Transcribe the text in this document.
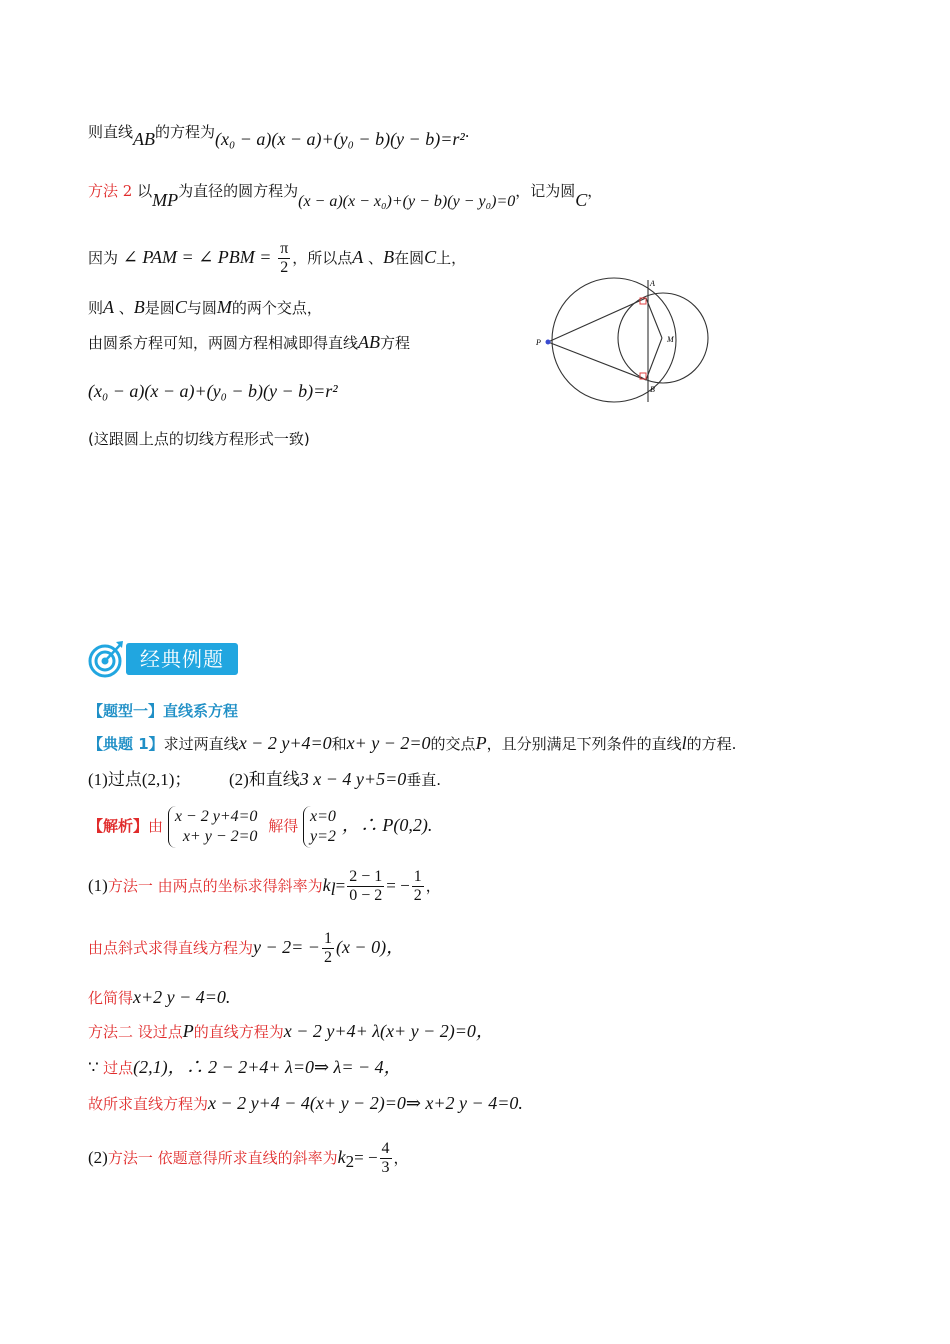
则直线AB的方程为(x₀ − a)(x − a)+(y₀ − b)(y − b)=r².
方法 2 以MP为直径的圆方程为(x − a)(x − x₀)+(y − b)(y − y₀)=0，记为圆C，
因为 ∠ PAM = ∠ PBM = $\frac{\pi}{2}$ ，所以点A 、B在圆C上，
则A 、B是圆C与圆M的两个交点，
由圆系方程可知，两圆方程相减即得直线AB方程
(x₀ − a)(x − a)+(y₀ − b)(y − b)=r²
(这跟圆上点的切线方程形式一致)
A
B
P	M
经典例题
【题型一】直线系方程
【典题 1】求过两直线x − 2 y+4=0和x+ y − 2=0的交点P，且分别满足下列条件的直线l的方程.
(1)过点(2,1)； (2)和直线3 x − 4 y+5=0垂直.
【解析】由
x − 2 y+4=0
x+ y − 2=0
解得
x=0
y=2
，∴ P(0,2).
(1)方法一 由两点的坐标求得斜率为$k_l= \frac{2 - 1}{0 - 2}$ = − $\frac{1}{2}$ ，
由点斜式求得直线方程为$y - 2= - \frac{1}{2} (x - 0)$，
化简得x+2 y − 4=0.
方法二 设过点P的直线方程为x − 2 y+4+ λ(x+ y − 2)=0，
∵ 过点(2,1)，∴ 2 − 2+4+ λ=0⇒ λ= − 4，
故所求直线方程为x − 2 y+4 − 4(x+ y − 2)=0⇒ x+2 y − 4=0.
(2)方法一 依题意得所求直线的斜率为$k_2= - \frac{4}{3}$ ，
